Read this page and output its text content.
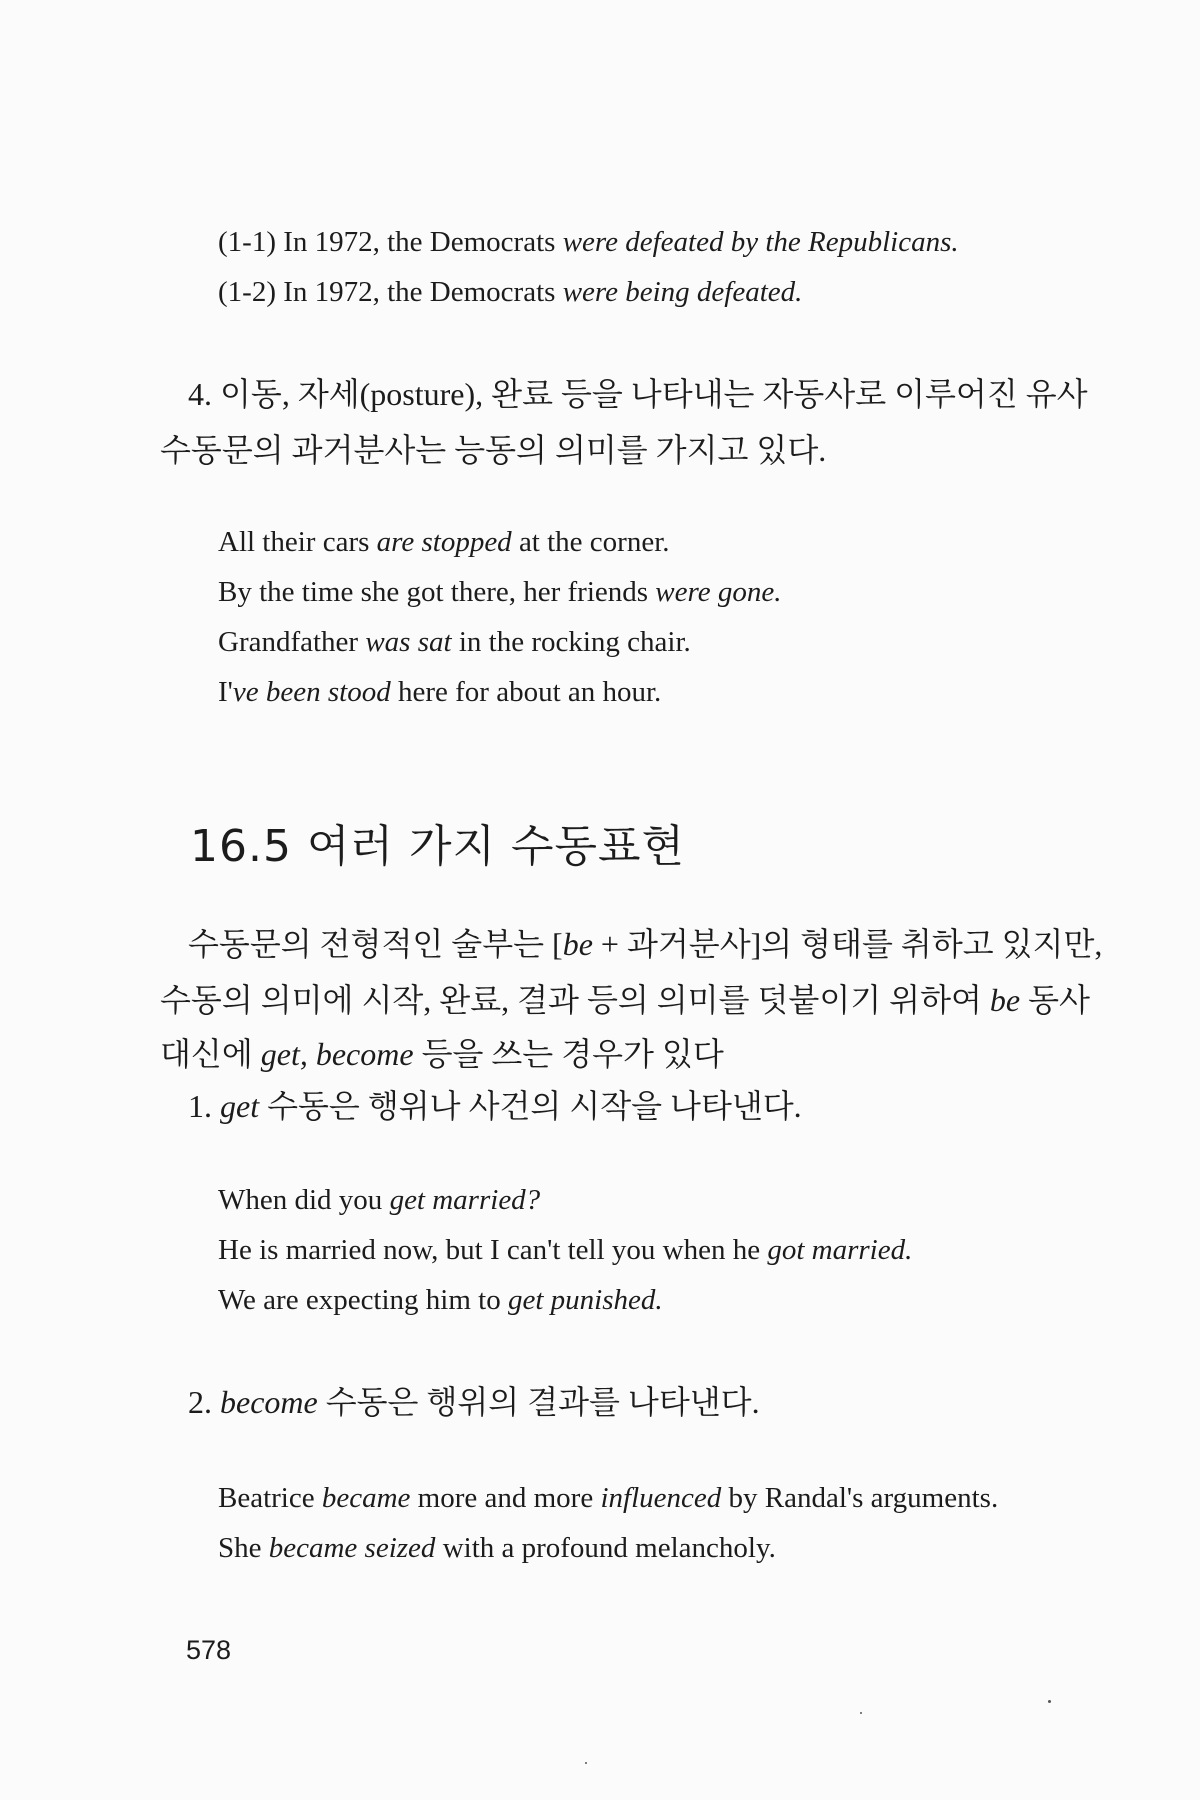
(1-1) In 1972, the Democrats were defeated by the Republicans.
(1-2) In 1972, the Democrats were being defeated.
4. 이동, 자세(posture), 완료 등을 나타내는 자동사로 이루어진 유사
수동문의 과거분사는 능동의 의미를 가지고 있다.
All their cars are stopped at the corner.
By the time she got there, her friends were gone.
Grandfather was sat in the rocking chair.
I've been stood here for about an hour.
16.5 여러 가지 수동표현
수동문의 전형적인 술부는 [be + 과거분사]의 형태를 취하고 있지만,
수동의 의미에 시작, 완료, 결과 등의 의미를 덧붙이기 위하여 be 동사
대신에 get, become 등을 쓰는 경우가 있다
1. get 수동은 행위나 사건의 시작을 나타낸다.
When did you get married?
He is married now, but I can't tell you when he got married.
We are expecting him to get punished.
2. become 수동은 행위의 결과를 나타낸다.
Beatrice became more and more influenced by Randal's arguments.
She became seized with a profound melancholy.
578
